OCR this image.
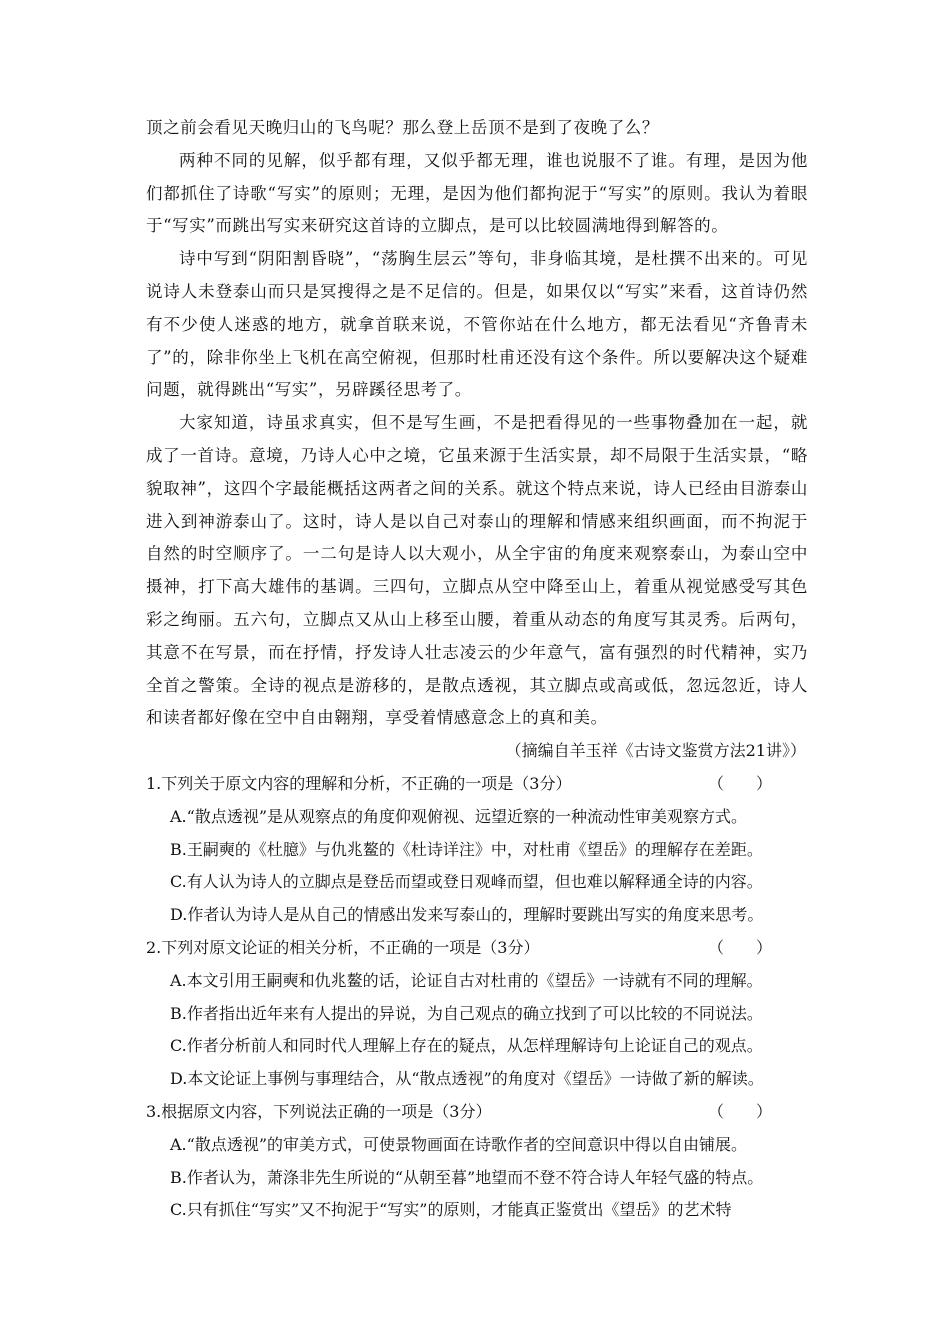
顶之前会看见天晚归山的飞鸟呢？那么登上岳顶不是到了夜晚了么？

两种不同的见解，似乎都有理，又似乎都无理，谁也说服不了谁。有理，是因为他们都抓住了诗歌“写实”的原则；无理，是因为他们都拘泥于“写实”的原则。我认为着眼于“写实”而跳出写实来研究这首诗的立脚点，是可以比较圆满地得到解答的。

诗中写到“阴阳割昏晓”，“荡胸生层云”等句，非身临其境，是杜撰不出来的。可见说诗人未登泰山而只是冥搜得之是不足信的。但是，如果仅以“写实”来看，这首诗仍然有不少使人迷惑的地方，就拿首联来说，不管你站在什么地方，都无法看见“齐鲁青未了”的，除非你坐上飞机在高空俯视，但那时杜甫还没有这个条件。所以要解决这个疑难问题，就得跳出“写实”，另辟蹊径思考了。

大家知道，诗虽求真实，但不是写生画，不是把看得见的一些事物叠加在一起，就成了一首诗。意境，乃诗人心中之境，它虽来源于生活实景，却不局限于生活实景，“略貌取神”，这四个字最能概括这两者之间的关系。就这个特点来说，诗人已经由目游泰山进入到神游泰山了。这时，诗人是以自己对泰山的理解和情感来组织画面，而不拘泥于自然的时空顺序了。一二句是诗人以大观小，从全宇宙的角度来观察泰山，为泰山空中摄神，打下高大雄伟的基调。三四句，立脚点从空中降至山上，着重从视觉感受写其色彩之绚丽。五六句，立脚点又从山上移至山腰，着重从动态的角度写其灵秀。后两句，其意不在写景，而在抒情，抒发诗人壮志凌云的少年意气，富有强烈的时代精神，实乃全首之警策。全诗的视点是游移的，是散点透视，其立脚点或高或低，忽远忽近，诗人和读者都好像在空中自由翱翔，享受着情感意念上的真和美。

（摘编自羊玉祥《古诗文鉴赏方法21讲》）

1.下列关于原文内容的理解和分析，不正确的一项是（3分）	（　　）

A.“散点透视”是从观察点的角度仰观俯视、远望近察的一种流动性审美观察方式。

B.王嗣奭的《杜臆》与仇兆鳌的《杜诗详注》中，对杜甫《望岳》的理解存在差距。

C.有人认为诗人的立脚点是登岳而望或登日观峰而望，但也难以解释通全诗的内容。

D.作者认为诗人是从自己的情感出发来写泰山的，理解时要跳出写实的角度来思考。

2.下列对原文论证的相关分析，不正确的一项是（3分）	（　　）

A.本文引用王嗣奭和仇兆鳌的话，论证自古对杜甫的《望岳》一诗就有不同的理解。

B.作者指出近年来有人提出的异说，为自己观点的确立找到了可以比较的不同说法。

C.作者分析前人和同时代人理解上存在的疑点，从怎样理解诗句上论证自己的观点。

D.本文论证上事例与事理结合，从“散点透视”的角度对《望岳》一诗做了新的解读。

3.根据原文内容，下列说法正确的一项是（3分）	（　　）

A.“散点透视”的审美方式，可使景物画面在诗歌作者的空间意识中得以自由铺展。

B.作者认为，萧涤非先生所说的“从朝至暮”地望而不登不符合诗人年轻气盛的特点。

C.只有抓住“写实”又不拘泥于“写实”的原则，才能真正鉴赏出《望岳》的艺术特
